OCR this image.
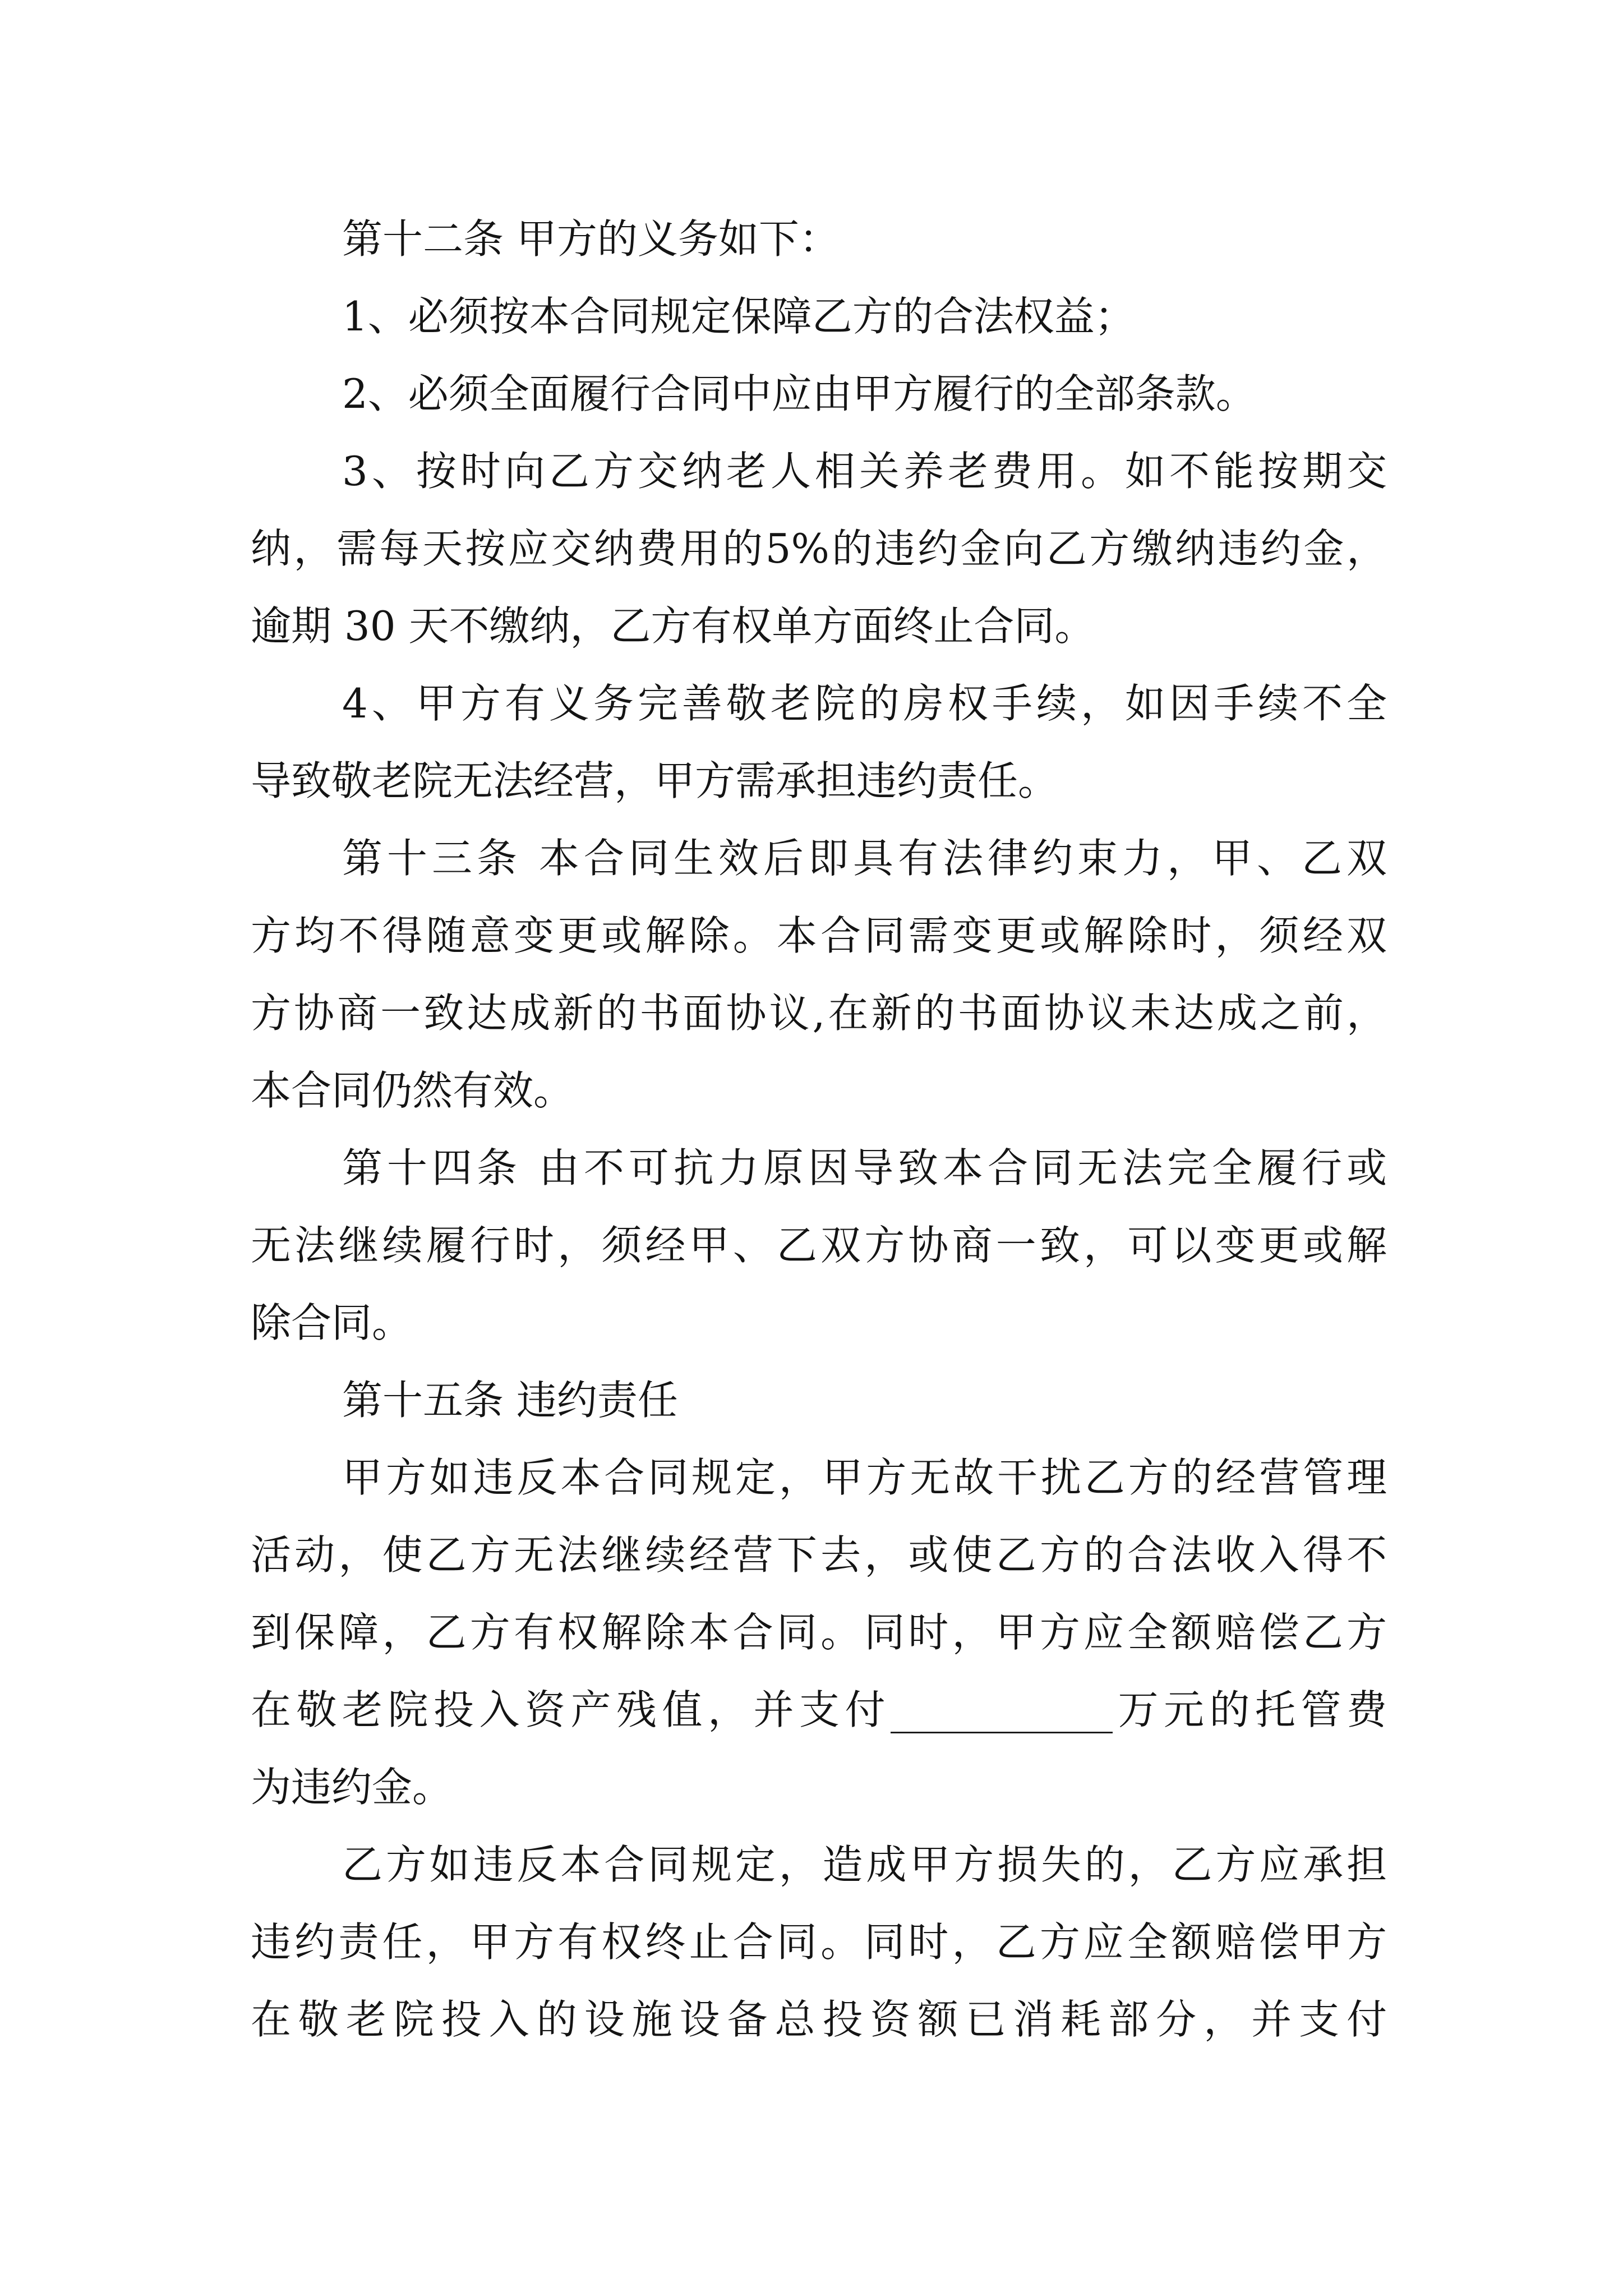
第十二条 甲方的义务如下：
1、必须按本合同规定保障乙方的合法权益；
2、必须全面履行合同中应由甲方履行的全部条款。
3、按时向乙方交纳老人相关养老费用。如不能按期交
纳，需每天按应交纳费用的5%的违约金向乙方缴纳违约金，
逾期 30 天不缴纳，乙方有权单方面终止合同。
4、甲方有义务完善敬老院的房权手续，如因手续不全
导致敬老院无法经营，甲方需承担违约责任。
第十三条 本合同生效后即具有法律约束力，甲、乙双
方均不得随意变更或解除。本合同需变更或解除时，须经双
方协商一致达成新的书面协议,在新的书面协议未达成之前，
本合同仍然有效。
第十四条 由不可抗力原因导致本合同无法完全履行或
无法继续履行时，须经甲、乙双方协商一致，可以变更或解
除合同。
第十五条 违约责任
甲方如违反本合同规定，甲方无故干扰乙方的经营管理
活动，使乙方无法继续经营下去，或使乙方的合法收入得不
到保障，乙方有权解除本合同。同时，甲方应全额赔偿乙方
在敬老院投入资产残值，并支付___________万元的托管费
为违约金。
乙方如违反本合同规定，造成甲方损失的，乙方应承担
违约责任，甲方有权终止合同。同时，乙方应全额赔偿甲方
在敬老院投入的设施设备总投资额已消耗部分，并支付
